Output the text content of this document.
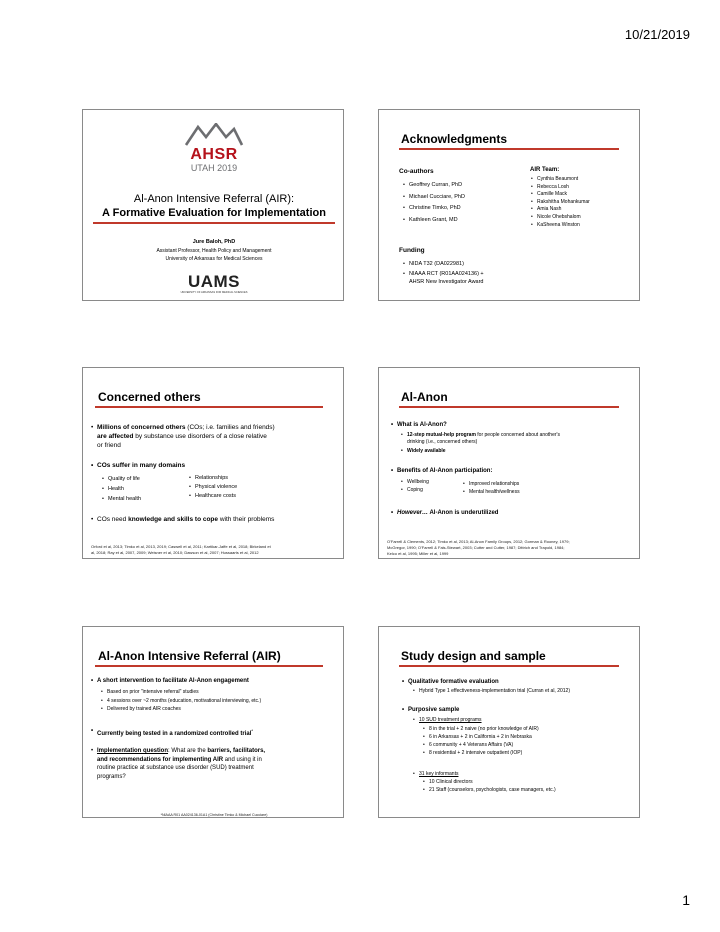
10/21/2019
AHSR
UTAH 2019
Al-Anon Intensive Referral (AIR):
A Formative Evaluation for Implementation
Jure Baloh, PhD
Assistant Professor, Health Policy and Management
University of Arkansas for Medical Sciences
UAMS
UNIVERSITY OF ARKANSAS FOR MEDICAL SCIENCES
Acknowledgments
Co-authors
• Geoffrey Curran, PhD
• Michael Cucciare, PhD
• Christine Timko, PhD
• Kathleen Grant, MD
AIR Team:
• Cynthia Beaumont
• Rebecca Losh
• Camille Mack
• Rakshitha Mohankumar
• Amia Nash
• Nicole Ohebshalom
• KaSheena Winston
Funding
• NIDA T32 (DA022981)
• NIAAA RCT (R01AA024136) +
AHSR New Investigator Award
Concerned others
• Millions of concerned others (COs; i.e. families and friends)
are affected by substance use disorders of a close relative
or friend
• COs suffer in many domains
• Quality of life
• Health
• Mental health
• Relationships
• Physical violence
• Healthcare costs
• COs need knowledge and skills to cope with their problems
Orford et al, 2013; Timko et al, 2013, 2019; Caswell et al, 2011; Kartikar-Jaffe et al, 2018; Birkeland et
al, 2018; Ray et al, 2007, 2009; Weisner et al, 2010; Dawson et al, 2007; Hussaarts et al, 2012
Al-Anon
• What is Al-Anon?
• 12-step mutual-help program for people concerned about another's
drinking (i.e., concerned others)
• Widely available
• Benefits of Al-Anon participation:
• Wellbeing
• Coping
• Improved relationships
• Mental health/wellness
• However… Al-Anon is underutilized
O'Farrell & Clements, 2012; Timko et al, 2013; Al-Anon Family Groups, 2012; Gorman & Rooney, 1979;
McGregor, 1990; O'Farrell & Fals-Stewart, 2003; Cutter and Cutter, 1987; Dittrich and Trapold, 1984;
Kelco et al, 1995; Miller et al, 1999
Al-Anon Intensive Referral (AIR)
• A short intervention to facilitate Al-Anon engagement
• Based on prior "intensive referral" studies
• 4 sessions over ~2 months (education, motivational interviewing, etc.)
• Delivered by trained AIR coaches
• Currently being tested in a randomized controlled trial*
• Implementation question: What are the barriers, facilitators,
and recommendations for implementing AIR and using it in
routine practice at substance use disorder (SUD) treatment
programs?
*NIAAA R01 AA024136-01A1 (Christine Timko & Michael Cucciare)
Study design and sample
• Qualitative formative evaluation
• Hybrid Type 1 effectiveness-implementation trial (Curran et al, 2012)
• Purposive sample
• 10 SUD treatment programs
• 8 in the trial + 2 naive (no prior knowledge of AIR)
• 6 in Arkansas + 2 in California + 2 in Nebraska
• 6 community + 4 Veterans Affairs (VA)
• 8 residential + 2 intensive outpatient (IOP)
• 31 key informants
• 10 Clinical directors
• 21 Staff (counselors, psychologists, case managers, etc.)
1
